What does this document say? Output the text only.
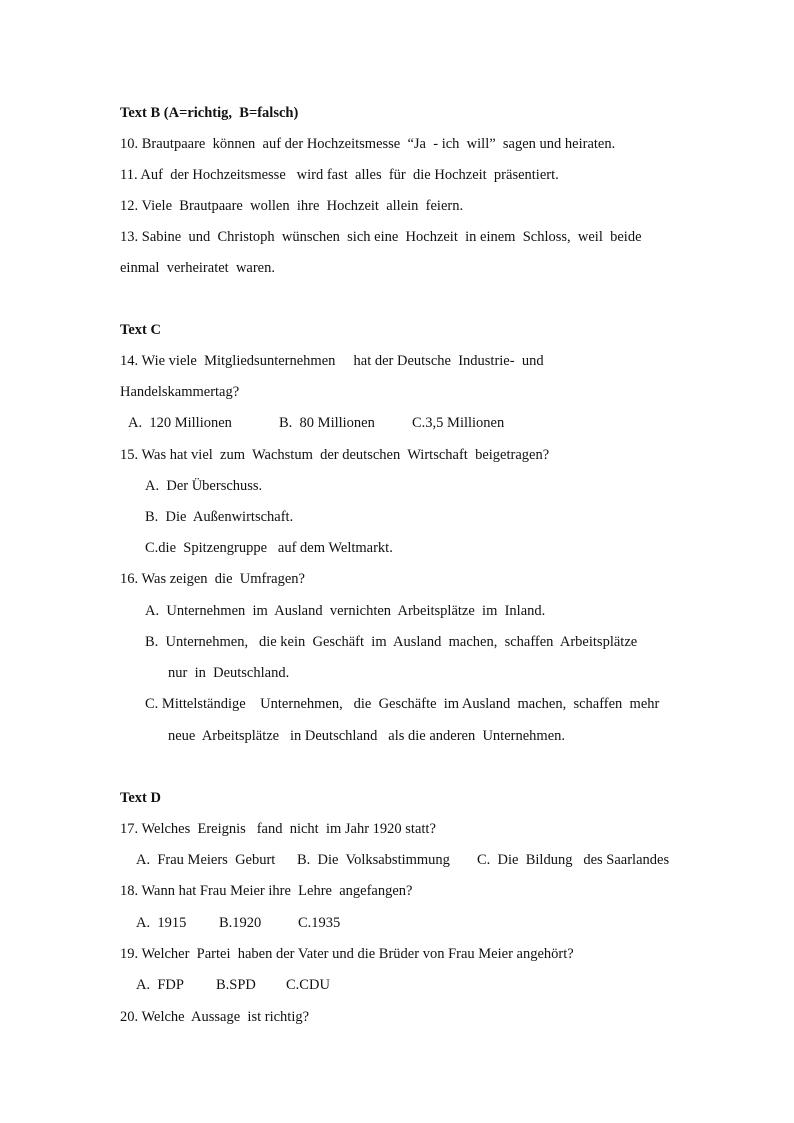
Text B (A=richtig,  B=falsch)
10. Brautpaare  können  auf der Hochzeitsmesse  “Ja  - ich  will”  sagen und heiraten.
11. Auf  der Hochzeitsmesse   wird fast  alles  für  die Hochzeit  präsentiert.
12. Viele  Brautpaare  wollen  ihre  Hochzeit  allein  feiern.
13. Sabine  und  Christoph  wünschen  sich eine  Hochzeit  in einem  Schloss,  weil  beide
einmal  verheiratet  waren.
Text C
14. Wie viele  Mitgliedsunternehmen     hat der Deutsche  Industrie-  und
Handelskammertag?
A.  120 Millionen	B.  80 Millionen	C.3,5 Millionen
15. Was hat viel  zum  Wachstum  der deutschen  Wirtschaft  beigetragen?
A.  Der Überschuss.
B.  Die  Außenwirtschaft.
C.die  Spitzengruppe   auf dem Weltmarkt.
16. Was zeigen  die  Umfragen?
A.  Unternehmen  im  Ausland  vernichten  Arbeitsplätze  im  Inland.
B.  Unternehmen,   die kein  Geschäft  im  Ausland  machen,  schaffen  Arbeitsplätze
nur  in  Deutschland.
C. Mittelständige    Unternehmen,   die  Geschäfte  im Ausland  machen,  schaffen  mehr
neue  Arbeitsplätze   in Deutschland   als die anderen  Unternehmen.
Text D
17. Welches  Ereignis   fand  nicht  im Jahr 1920 statt?
A.  Frau Meiers  Geburt B.  Die  Volksabstimmung C.  Die  Bildung   des Saarlandes
18. Wann hat Frau Meier ihre  Lehre  angefangen?
A.  1915 B.1920	C.1935
19. Welcher  Partei  haben der Vater und die Brüder von Frau Meier angehört?
A.  FDP B.SPD C.CDU
20. Welche  Aussage  ist richtig?
